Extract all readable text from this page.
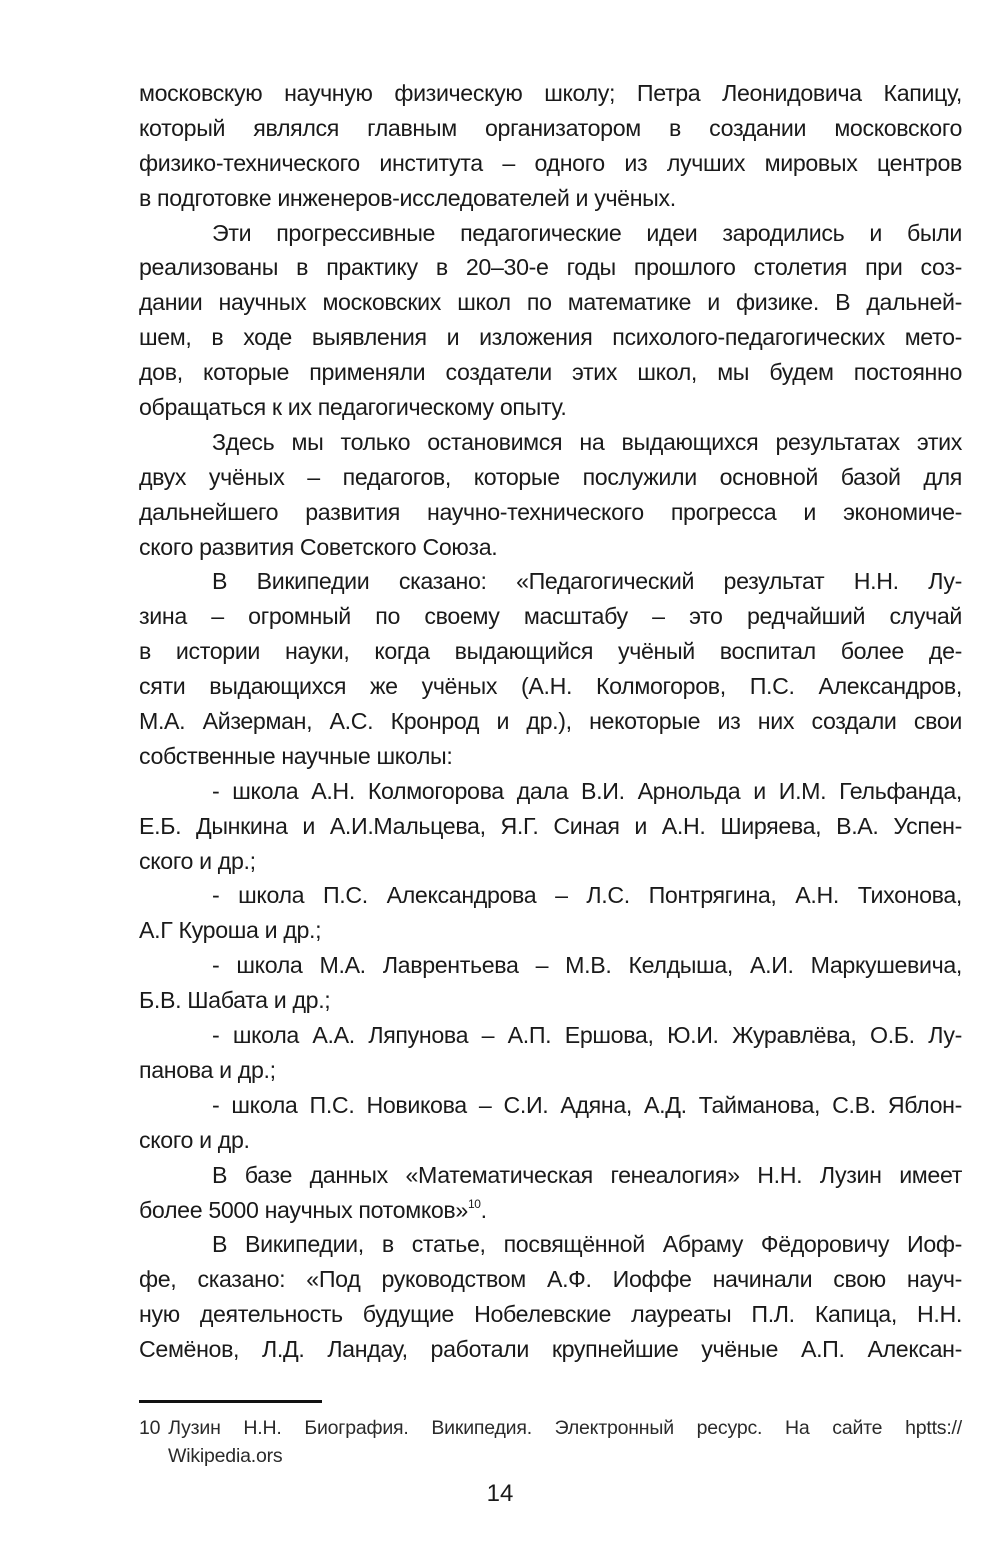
московскую научную физическую школу; Петра Леонидовича Капицу,
который являлся главным организатором в создании московского
физико-технического института – одного из лучших мировых центров
в подготовке инженеров-исследователей и учёных.
Эти прогрессивные педагогические идеи зародились и были
реализованы в практику в 20–30-е годы прошлого столетия при соз-
дании научных московских школ по математике и физике. В дальней-
шем, в ходе выявления и изложения психолого-педагогических мето-
дов, которые применяли создатели этих школ, мы будем постоянно
обращаться к их педагогическому опыту.
Здесь мы только остановимся на выдающихся результатах этих
двух учёных – педагогов, которые послужили основной базой для
дальнейшего развития научно-технического прогресса и экономиче-
ского развития Советского Союза.
В Википедии сказано: «Педагогический результат Н.Н. Лу-
зина – огромный по своему масштабу – это редчайший случай
в истории науки, когда выдающийся учёный воспитал более де-
сяти выдающихся же учёных (А.Н. Колмогоров, П.С. Александров,
М.А. Айзерман, А.С. Кронрод и др.), некоторые из них создали свои
собственные научные школы:
- школа А.Н. Колмогорова дала В.И. Арнольда и И.М. Гельфанда,
Е.Б. Дынкина и А.И.Мальцева, Я.Г. Синая и А.Н. Ширяева, В.А. Успен-
ского и др.;
- школа П.С. Александрова – Л.С. Понтрягина, А.Н. Тихонова,
А.Г Куроша и др.;
- школа М.А. Лаврентьева – М.В. Келдыша, А.И. Маркушевича,
Б.В. Шабата и др.;
- школа А.А. Ляпунова – А.П. Ершова, Ю.И. Журавлёва, О.Б. Лу-
панова и др.;
- школа П.С. Новикова – С.И. Адяна, А.Д. Тайманова, С.В. Яблон-
ского и др.
В базе данных «Математическая генеалогия» Н.Н. Лузин имеет
более 5000 научных потомков»$^{10}$.
В Википедии, в статье, посвящённой Абраму Фёдоровичу Иоф-
фе, сказано: «Под руководством А.Ф. Иоффе начинали свою науч-
ную деятельность будущие Нобелевские лауреаты П.Л. Капица, Н.Н.
Семёнов, Л.Д. Ландау, работали крупнейшие учёные А.П. Алексан-
10 Лузин Н.Н. Биография. Википедия. Электронный ресурс. На сайте hptts://
Wikipedia.ors
14
